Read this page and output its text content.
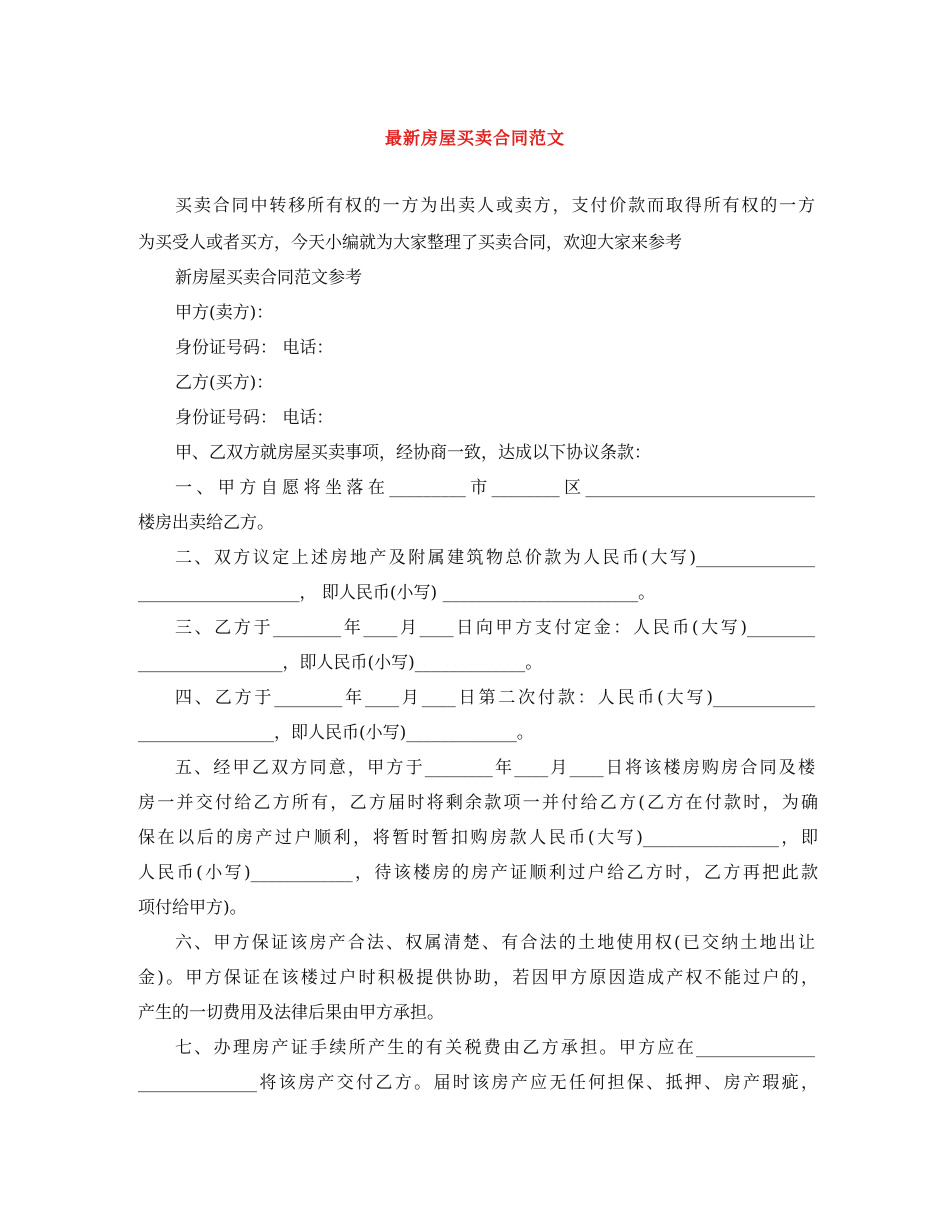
最新房屋买卖合同范文
买卖合同中转移所有权的一方为出卖人或卖方，支付价款而取得所有权的一方
为买受人或者买方，今天小编就为大家整理了买卖合同，欢迎大家来参考
新房屋买卖合同范文参考
甲方(卖方)：
身份证号码： 电话：
乙方(买方)：
身份证号码： 电话：
甲、乙双方就房屋买卖事项，经协商一致，达成以下协议条款：
一、甲方自愿将坐落在_________市________区___________________________
楼房出卖给乙方。
二、双方议定上述房地产及附属建筑物总价款为人民币(大写)______________
___________________， 即人民币(小写) _______________________。
三、乙方于________年____月____日向甲方支付定金：人民币(大写)________
_________________，即人民币(小写)_____________。
四、乙方于________年____月____日第二次付款：人民币(大写)____________
________________，即人民币(小写)_____________。
五、经甲乙双方同意，甲方于________年____月____日将该楼房购房合同及楼
房一并交付给乙方所有，乙方届时将剩余款项一并付给乙方(乙方在付款时，为确
保在以后的房产过户顺利，将暂时暂扣购房款人民币(大写)________________，即
人民币(小写)____________，待该楼房的房产证顺利过户给乙方时，乙方再把此款
项付给甲方)。
六、甲方保证该房产合法、权属清楚、有合法的土地使用权(已交纳土地出让
金)。甲方保证在该楼过户时积极提供协助，若因甲方原因造成产权不能过户的，
产生的一切费用及法律后果由甲方承担。
七、办理房产证手续所产生的有关税费由乙方承担。甲方应在______________
______________将该房产交付乙方。届时该房产应无任何担保、抵押、房产瑕疵，
